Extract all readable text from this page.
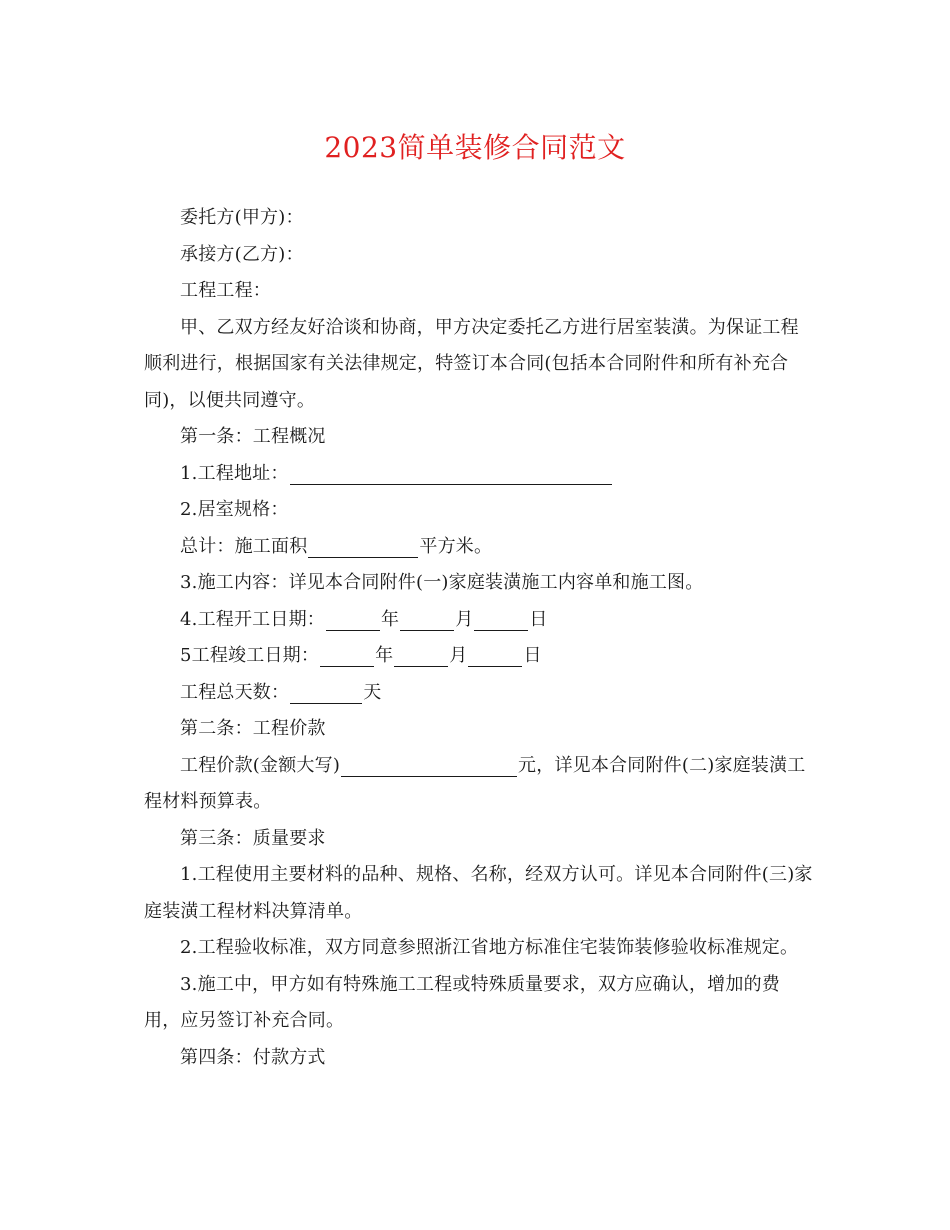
2023简单装修合同范文

委托方(甲方)：

承接方(乙方)：

工程工程：

甲、乙双方经友好洽谈和协商，甲方决定委托乙方进行居室装潢。为保证工程顺利进行，根据国家有关法律规定，特签订本合同(包括本合同附件和所有补充合同)，以便共同遵守。

第一条：工程概况

1.工程地址：

2.居室规格：

总计：施工面积	平方米。

3.施工内容：详见本合同附件(一)家庭装潢施工内容单和施工图。

4.工程开工日期：	年	月	日

5工程竣工日期：	年	月	日

工程总天数：	天

第二条：工程价款

工程价款(金额大写)	元，详见本合同附件(二)家庭装潢工程材料预算表。

第三条：质量要求

1.工程使用主要材料的品种、规格、名称，经双方认可。详见本合同附件(三)家庭装潢工程材料决算清单。

2.工程验收标准，双方同意参照浙江省地方标准住宅装饰装修验收标准规定。

3.施工中，甲方如有特殊施工工程或特殊质量要求，双方应确认，增加的费用，应另签订补充合同。

第四条：付款方式
